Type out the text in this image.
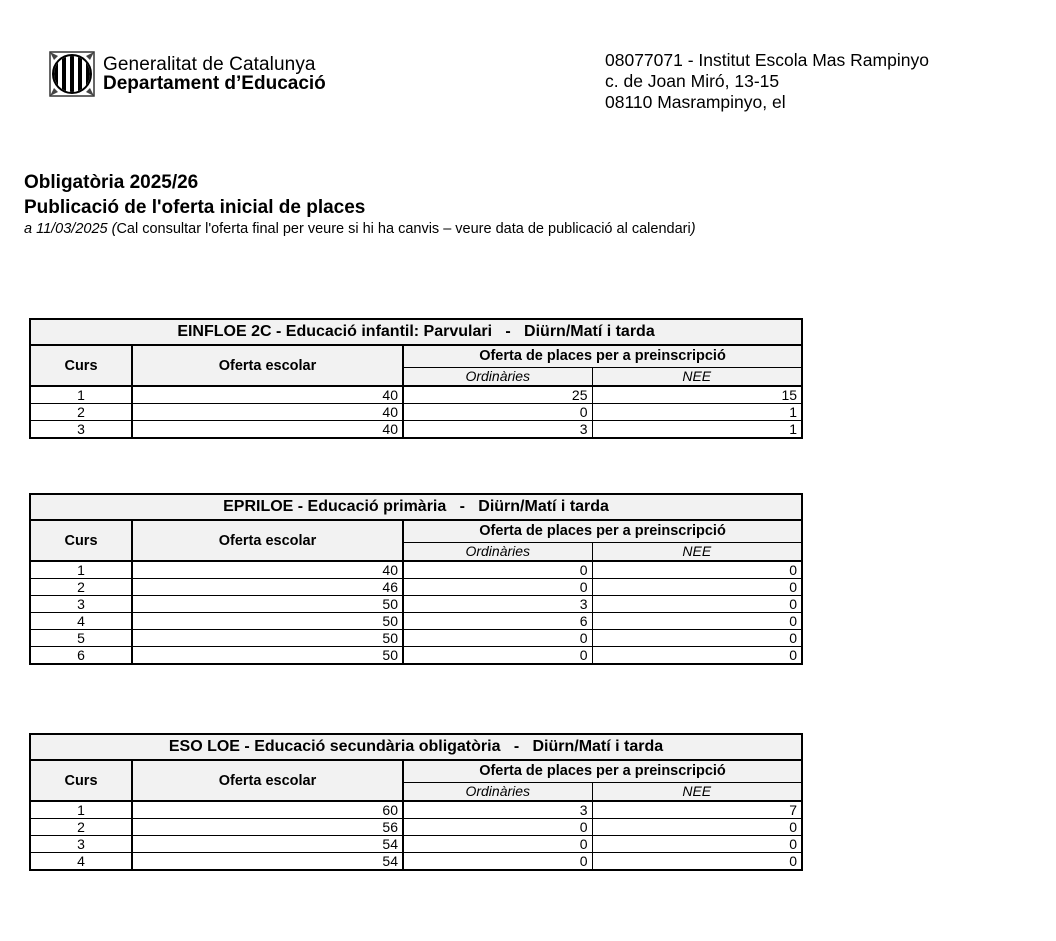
Generalitat de Catalunya
Departament d’Educació
08077071 - Institut Escola Mas Rampinyo
c. de Joan Miró, 13-15
08110 Masrampinyo, el
Obligatòria 2025/26
Publicació de l'oferta inicial de places
a 11/03/2025 (Cal consultar l'oferta final per veure si hi ha canvis – veure data de publicació al calendari)
EINFLOE 2C - Educació infantil: Parvulari   -   Diürn/Matí i tarda			
Curs	Oferta escolar	Oferta de places per a preinscripció	
		Ordinàries	NEE
1	40	25	15
2	40	0	1
3	40	3	1
EPRILOE - Educació primària   -   Diürn/Matí i tarda			
Curs	Oferta escolar	Oferta de places per a preinscripció	
		Ordinàries	NEE
1	40	0	0
2	46	0	0
3	50	3	0
4	50	6	0
5	50	0	0
6	50	0	0
ESO LOE - Educació secundària obligatòria   -   Diürn/Matí i tarda			
Curs	Oferta escolar	Oferta de places per a preinscripció	
		Ordinàries	NEE
1	60	3	7
2	56	0	0
3	54	0	0
4	54	0	0
